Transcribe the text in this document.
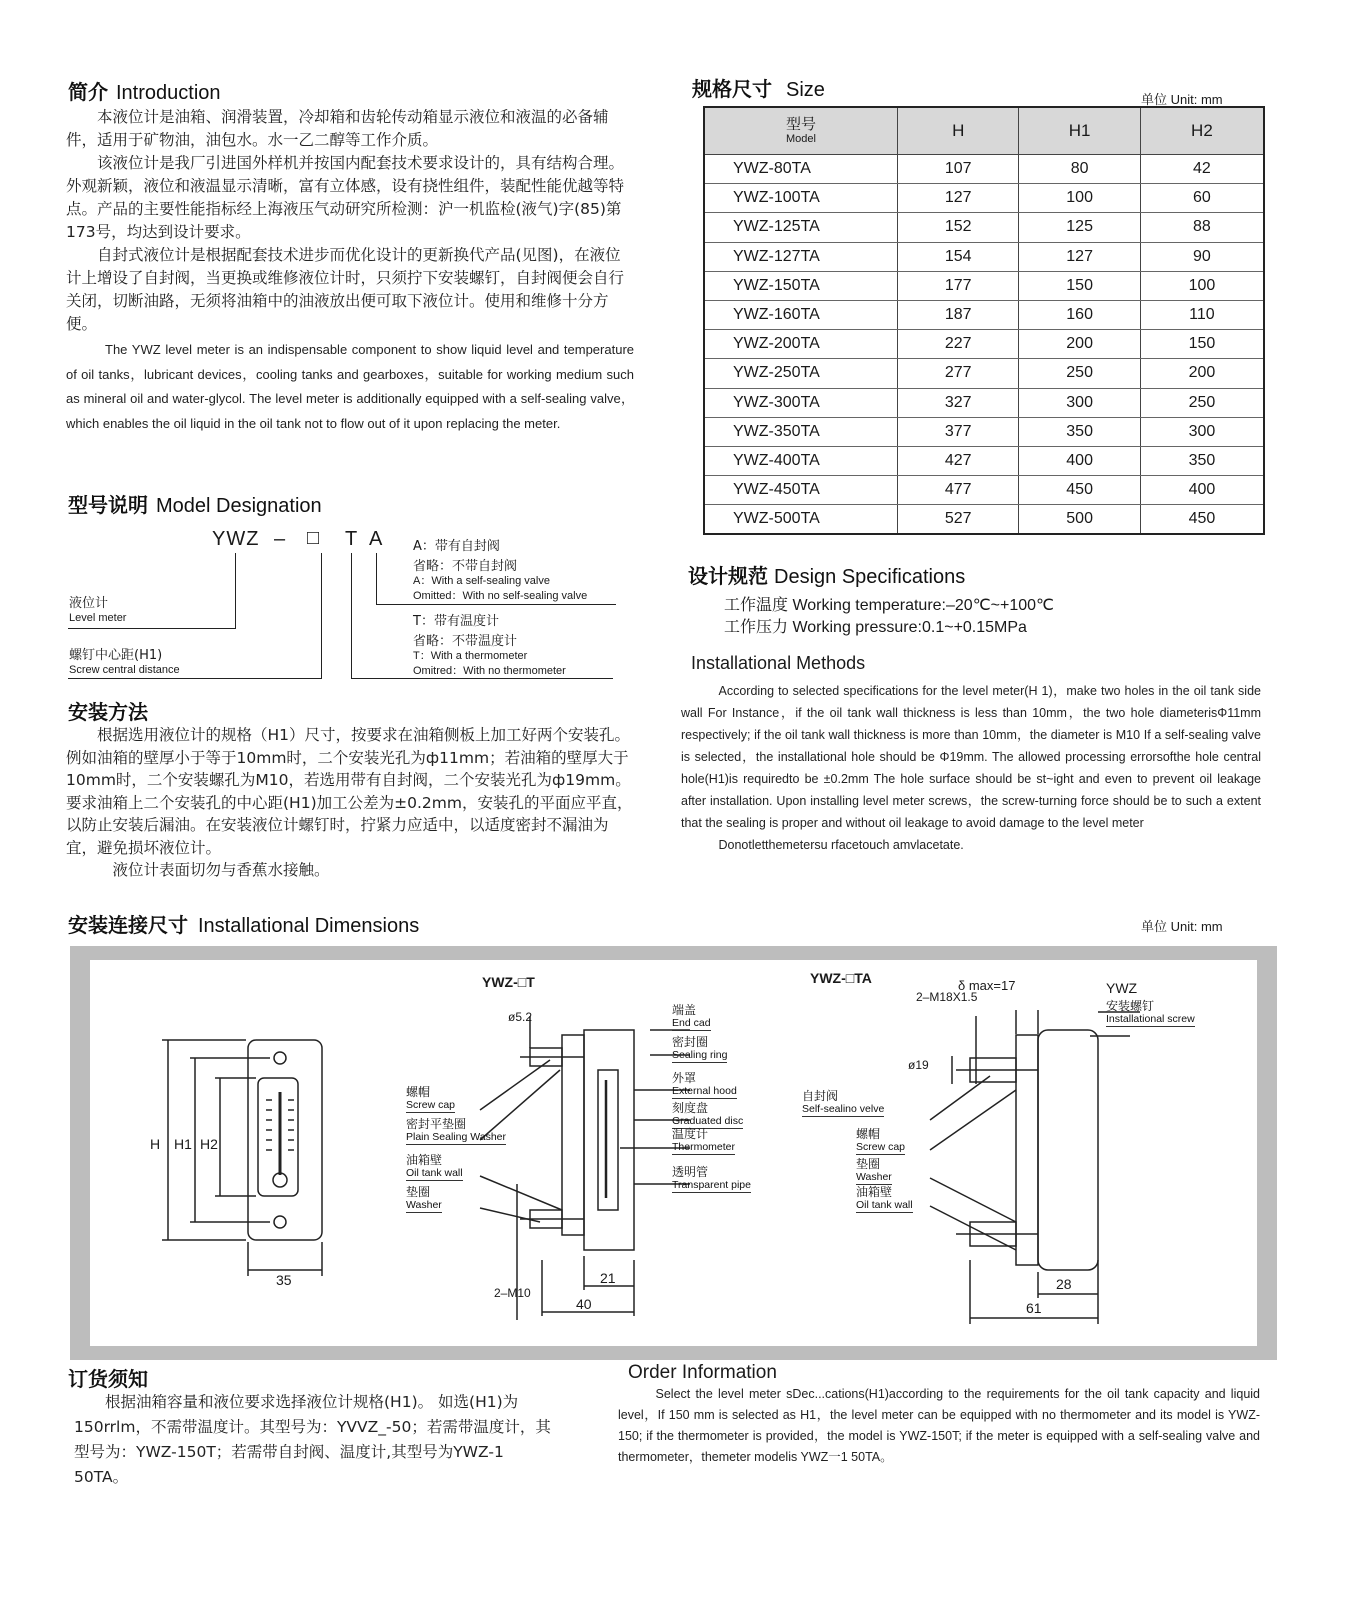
简介 Introduction

本液位计是油箱、润滑装置，冷却箱和齿轮传动箱显示液位和液温的必备辅件，适用于矿物油，油包水。水一乙二醇等工作介质。

该液位计是我厂引进国外样机并按国内配套技术要求设计的，具有结构合理。外观新颖，液位和液温显示清晰，富有立体感，设有挠性组件，装配性能优越等特点。产品的主要性能指标经上海液压气动研究所检测：沪一机监检(液气)字(85)第173号，均达到设计要求。

自封式液位计是根据配套技术进步而优化设计的更新换代产品(见图)，在液位计上增设了自封阀，当更换或维修液位计时，只须拧下安装螺钉，自封阀便会自行关闭，切断油路，无须将油箱中的油液放出便可取下液位计。使用和维修十分方便。

The YWZ level meter is an indispensable component to show liquid level and temperature of oil tanks，lubricant devices，cooling tanks and gearboxes，suitable for working medium such as mineral oil and water-glycol. The level meter is additionally equipped with a self-sealing valve，which enables the oil liquid in the oil tank not to flow out of it upon replacing the meter.

型号说明 Model Designation
YWZ – □ T A A：带有自封阀
省略：不带自封阀
A：With a self-sealing valve
Omitted：With no self-sealing valve
T：带有温度计
省略：不带温度计
T：With a thermometer
Omitred：With no thermometer
液位计
Level meter
螺钉中心距(H1)
Screw central distance
安装方法

根据选用液位计的规格（H1）尺寸，按要求在油箱侧板上加工好两个安装孔。例如油箱的壁厚小于等于10mm时，二个安装光孔为ф11mm；若油箱的壁厚大于10mm时，二个安装螺孔为M10，若选用带有自封阀，二个安装光孔为ф19mm。要求油箱上二个安装孔的中心距(H1)加工公差为±0.2mm，安装孔的平面应平直，以防止安装后漏油。在安装液位计螺钉时，拧紧力应适中，以适度密封不漏油为宜，避免损坏液位计。

液位计表面切勿与香蕉水接触。

规格尺寸 Size	单位 Unit: mm
型号
Model	H	H1	H2
YWZ-80TA	107	80	42
YWZ-100TA	127	100	60
YWZ-125TA	152	125	88
YWZ-127TA	154	127	90
YWZ-150TA	177	150	100
YWZ-160TA	187	160	110
YWZ-200TA	227	200	150
YWZ-250TA	277	250	200
YWZ-300TA	327	300	250
YWZ-350TA	377	350	300
YWZ-400TA	427	400	350
YWZ-450TA	477	450	400
YWZ-500TA	527	500	450
设计规范 Design Specifications
工作温度 Working temperature:–20℃~+100℃
工作压力 Working pressure:0.1~+0.15MPa
Installational Methods

According to selected specifications for the level meter(H 1)，make two holes in the oil tank side wall For Instance，if the oil tank wall thickness is less than 10mm，the two hole diameterisΦ11mm respectively; if the oil tank wall thickness is more than 10mm，the diameter is M10 If a self-sealing valve is selected，the installational hole should be Φ19mm. The allowed processing errorsofthe hole central hole(H1)is requiredto be ±0.2mm The hole surface should be st~ight and even to prevent oil leakage after installation. Upon installing level meter screws，the screw-turning force should be to such a extent that the sealing is proper and without oil leakage to avoid damage to the level meter

Donotletthemetersu rfacetouch amvlacetate.

安装连接尺寸 Installational Dimensions	单位 Unit: mm
YWZ-□T	YWZ-□TA
H H1 H2
35
ø5.2
2–M10
21
40
δ max=17
2–M18X1.5
ø19
28
61
YWZ
端盖
End cad
密封圈
Sealing ring
外罩
External hood
刻度盘
Graduated disc
温度计
Thermometer
透明管
Transparent pipe
螺帽
Screw cap
密封平垫圈
Plain Sealing Washer
油箱壁
Oil tank wall
垫圈
Washer
安装螺钉
Installational screw
自封阀
Self-sealino velve
螺帽
Screw cap
垫圈
Washer
油箱壁
Oil tank wall
订货须知

根据油箱容量和液位要求选择液位计规格(H1)。 如选(H1)为150rrlm，不需带温度计。其型号为：YVVZ_-50；若需带温度计，其型号为：YWZ-150T；若需带自封阀、温度计,其型号为YWZ-1 50TA。

Order Information

Select the level meter sDec...cations(H1)according to the requirements for the oil tank capacity and liquid level，If 150 mm is selected as H1，the level meter can be equipped with no thermometer and its model is YWZ-150; if the thermometer is provided，the model is YWZ-150T; if the meter is equipped with a self-sealing valve and thermometer，themeter modelis YWZ一1 50TA。
